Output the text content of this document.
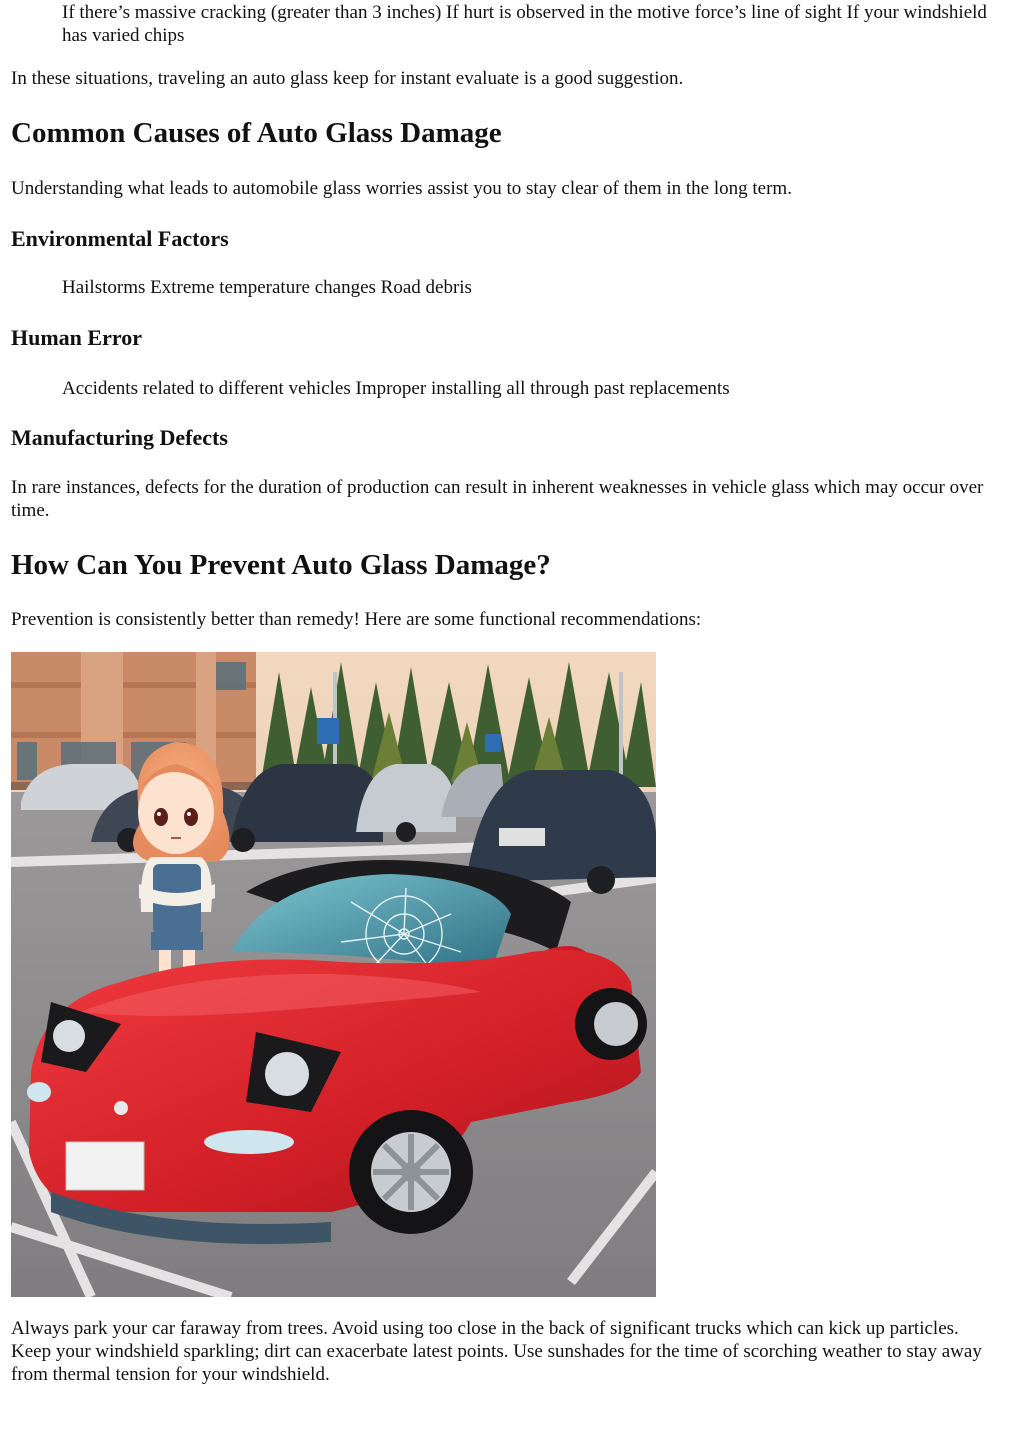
If there’s massive cracking (greater than 3 inches) If hurt is observed in the motive force’s line of sight If your windshield has varied chips

In these situations, traveling an auto glass keep for instant evaluate is a good suggestion.

Common Causes of Auto Glass Damage

Understanding what leads to automobile glass worries assist you to stay clear of them in the long term.

Environmental Factors
Hailstorms Extreme temperature changes Road debris
Human Error
Accidents related to different vehicles Improper installing all through past replacements
Manufacturing Defects

In rare instances, defects for the duration of production can result in inherent weaknesses in vehicle glass which may occur over time.

How Can You Prevent Auto Glass Damage?

Prevention is consistently better than remedy! Here are some functional recommendations:

Always park your car faraway from trees. Avoid using too close in the back of significant trucks which can kick up particles. Keep your windshield sparkling; dirt can exacerbate latest points. Use sunshades for the time of scorching weather to stay away from thermal tension for your windshield.
